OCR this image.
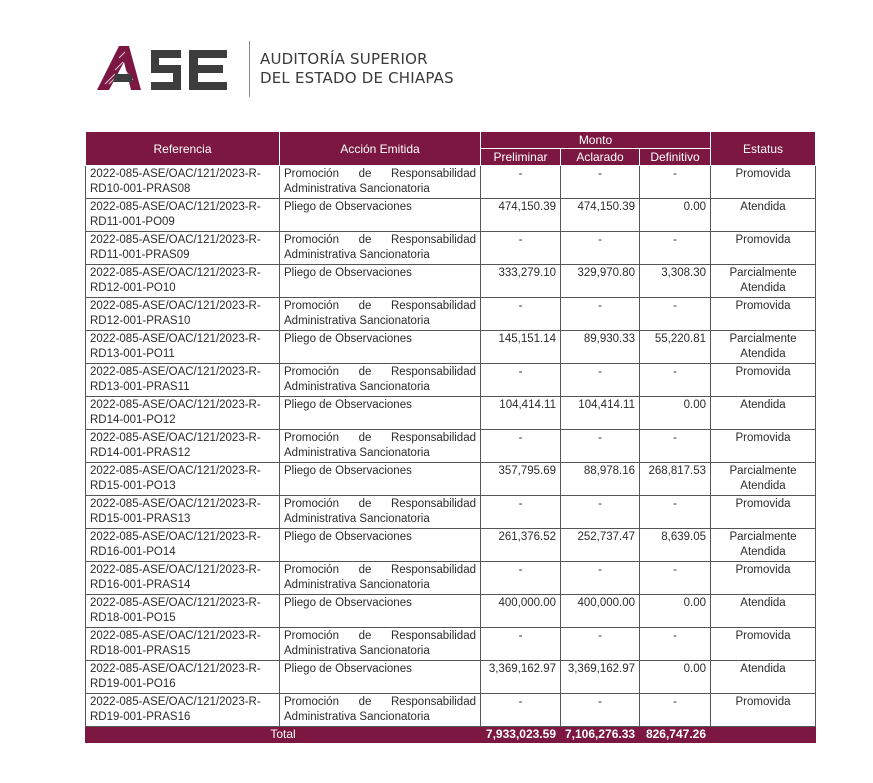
AUDITORÍA SUPERIOR
DEL ESTADO DE CHIAPAS
Referencia	Acción Emitida	Monto			Estatus
		Preliminar	Aclarado	Definitivo	
2022-085-ASE/OAC/121/2023-R-RD10-001-PRAS08	Promoción de Responsabilidad Administrativa Sancionatoria	-	-	-	Promovida
2022-085-ASE/OAC/121/2023-R-RD11-001-PO09	Pliego de Observaciones	474,150.39	474,150.39	0.00	Atendida
2022-085-ASE/OAC/121/2023-R-RD11-001-PRAS09	Promoción de Responsabilidad Administrativa Sancionatoria	-	-	-	Promovida
2022-085-ASE/OAC/121/2023-R-RD12-001-PO10	Pliego de Observaciones	333,279.10	329,970.80	3,308.30	Parcialmente Atendida
2022-085-ASE/OAC/121/2023-R-RD12-001-PRAS10	Promoción de Responsabilidad Administrativa Sancionatoria	-	-	-	Promovida
2022-085-ASE/OAC/121/2023-R-RD13-001-PO11	Pliego de Observaciones	145,151.14	89,930.33	55,220.81	Parcialmente Atendida
2022-085-ASE/OAC/121/2023-R-RD13-001-PRAS11	Promoción de Responsabilidad Administrativa Sancionatoria	-	-	-	Promovida
2022-085-ASE/OAC/121/2023-R-RD14-001-PO12	Pliego de Observaciones	104,414.11	104,414.11	0.00	Atendida
2022-085-ASE/OAC/121/2023-R-RD14-001-PRAS12	Promoción de Responsabilidad Administrativa Sancionatoria	-	-	-	Promovida
2022-085-ASE/OAC/121/2023-R-RD15-001-PO13	Pliego de Observaciones	357,795.69	88,978.16	268,817.53	Parcialmente Atendida
2022-085-ASE/OAC/121/2023-R-RD15-001-PRAS13	Promoción de Responsabilidad Administrativa Sancionatoria	-	-	-	Promovida
2022-085-ASE/OAC/121/2023-R-RD16-001-PO14	Pliego de Observaciones	261,376.52	252,737.47	8,639.05	Parcialmente Atendida
2022-085-ASE/OAC/121/2023-R-RD16-001-PRAS14	Promoción de Responsabilidad Administrativa Sancionatoria	-	-	-	Promovida
2022-085-ASE/OAC/121/2023-R-RD18-001-PO15	Pliego de Observaciones	400,000.00	400,000.00	0.00	Atendida
2022-085-ASE/OAC/121/2023-R-RD18-001-PRAS15	Promoción de Responsabilidad Administrativa Sancionatoria	-	-	-	Promovida
2022-085-ASE/OAC/121/2023-R-RD19-001-PO16	Pliego de Observaciones	3,369,162.97	3,369,162.97	0.00	Atendida
2022-085-ASE/OAC/121/2023-R-RD19-001-PRAS16	Promoción de Responsabilidad Administrativa Sancionatoria	-	-	-	Promovida
Total		7,933,023.59	7,106,276.33	826,747.26	
